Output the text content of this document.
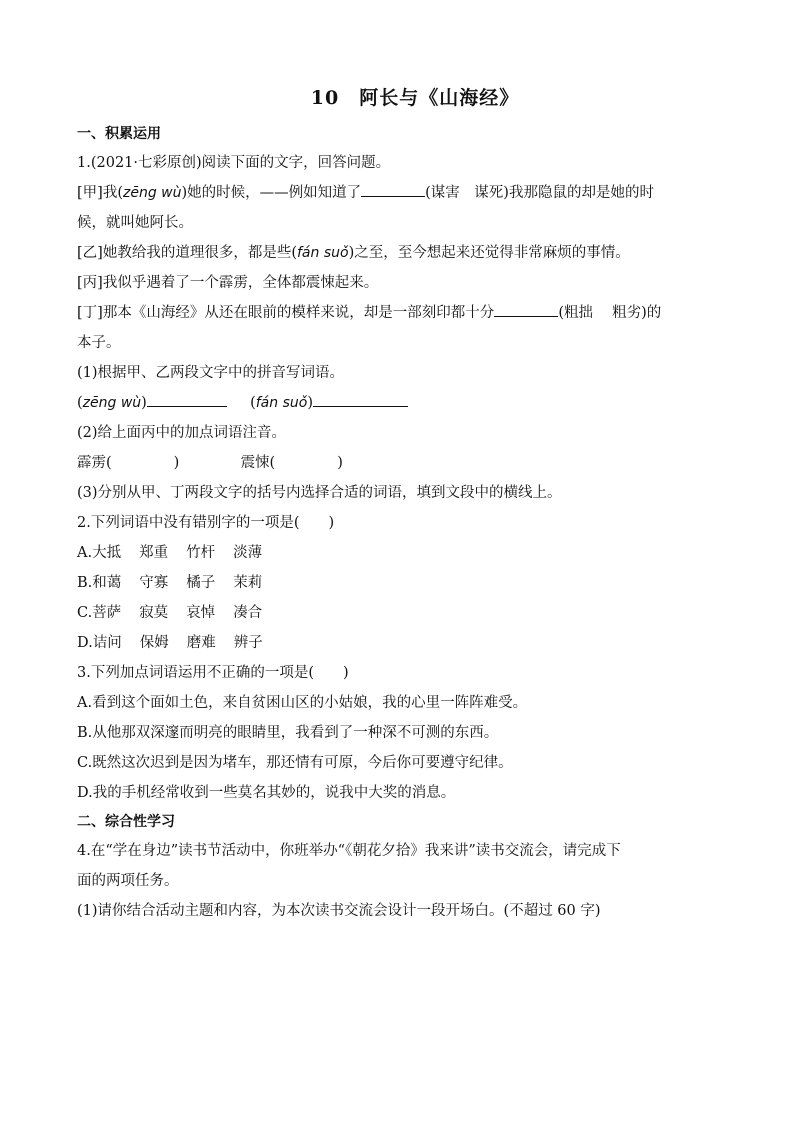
10　阿长与《山海经》

一、积累运用

1.(2021·七彩原创)阅读下面的文字，回答问题。

[甲]我(zēng wù)她的时候，——例如知道了	(谋害　谋死)我那隐鼠的却是她的时

候，就叫她阿长。

[乙]她教给我的道理很多，都是些(fán suǒ)之至，至今想起来还觉得非常麻烦的事情。

[丙]我似乎遇着了一个霹雳，全体都震悚起来。

[丁]那本《山海经》从还在眼前的模样来说，却是一部刻印都十分	(粗拙　 粗劣)的

本子。

(1)根据甲、乙两段文字中的拼音写词语。

(zēng wù)	(fán suǒ)

(2)给上面丙中的加点词语注音。

霹雳(	)	震悚(	)

(3)分别从甲、丁两段文字的括号内选择合适的词语，填到文段中的横线上。

2.下列词语中没有错别字的一项是(　　)

A.大抵 郑重 竹杆 淡薄

B.和蔼 守寡 橘子 茉莉

C.菩萨 寂莫 哀悼 凑合

D.诘问 保姆 磨难 辨子

3.下列加点词语运用不正确的一项是(　　)

A.看到这个面如土色，来自贫困山区的小姑娘，我的心里一阵阵难受。

B.从他那双深邃而明亮的眼睛里，我看到了一种深不可测的东西。

C.既然这次迟到是因为堵车，那还情有可原，今后你可要遵守纪律。

D.我的手机经常收到一些莫名其妙的，说我中大奖的消息。

二、综合性学习

4.在“学在身边”读书节活动中，你班举办“《朝花夕拾》我来讲”读书交流会，请完成下

面的两项任务。

(1)请你结合活动主题和内容，为本次读书交流会设计一段开场白。(不超过 60 字)
